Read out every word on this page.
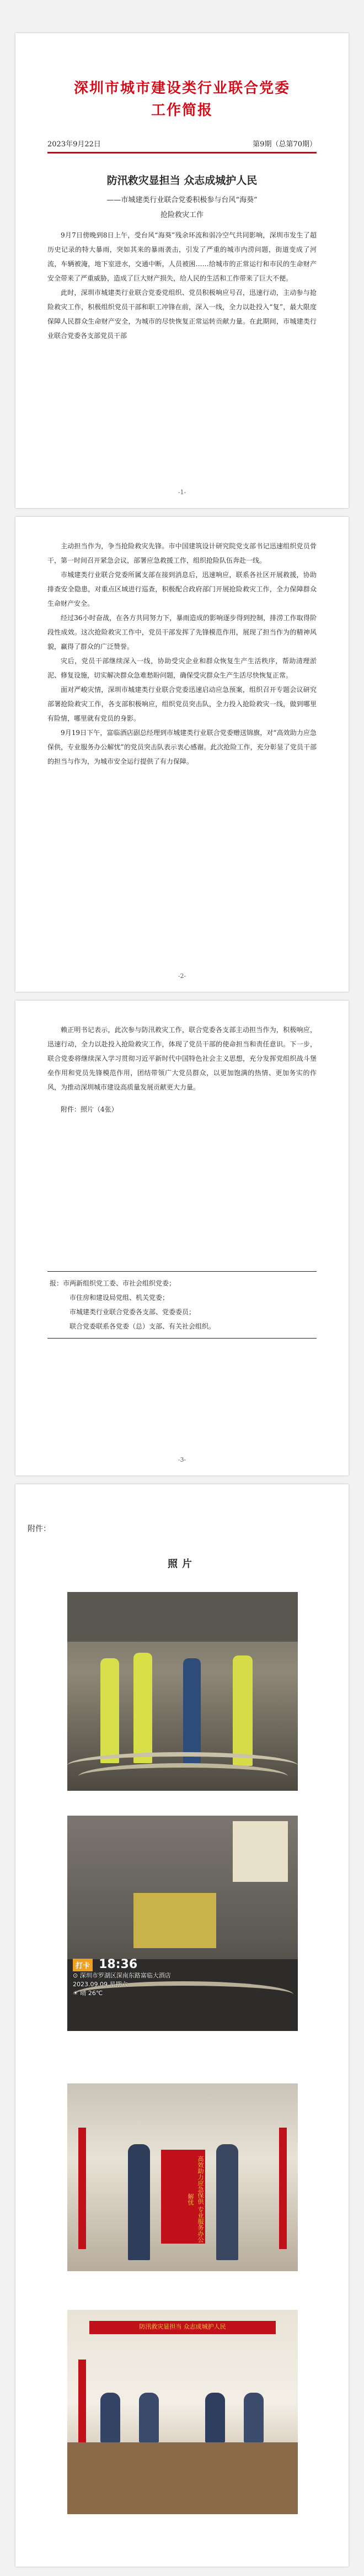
深圳市城市建设类行业联合党委
工作简报
2023年9月22日	第9期（总第70期）
防汛救灾显担当 众志成城护人民
——市城建类行业联合党委积极参与台风“海葵”
抢险救灾工作

9月7日傍晚到8日上午，受台风“海葵”残余环流和弱冷空气共同影响，深圳市发生了超历史记录的特大暴雨，突如其来的暴雨袭击，引发了严重的城市内涝问题，街道变成了河流，车辆被淹，地下室进水，交通中断，人员被困……给城市的正常运行和市民的生命财产安全带来了严重威胁，造成了巨大财产损失，给人民的生活和工作带来了巨大不便。

此时，深圳市城建类行业联合党委党组织、党员积极响应号召，迅速行动，主动参与抢险救灾工作，积极组织党员干部和职工冲锋在前，深入一线，全力以赴投入“复”，最大限度保障人民群众生命财产安全，为城市的尽快恢复正常运转贡献力量。在此期间，市城建类行业联合党委各支部党员干部

-1-

主动担当作为，争当抢险救灾先锋。市中国建筑设计研究院党支部书记迅速组织党员骨干，第一时间召开紧急会议，部署应急救援工作，组织抢险队伍奔赴一线。

市城建类行业联合党委所属支部在接到消息后，迅速响应，联系各社区开展救援，协助排查安全隐患，对重点区域进行巡查，积极配合政府部门开展抢险救灾工作，全力保障群众生命财产安全。

经过36小时奋战，在各方共同努力下，暴雨造成的影响逐步得到控制，排涝工作取得阶段性成效。这次抢险救灾工作中，党员干部发挥了先锋模范作用，展现了担当作为的精神风貌，赢得了群众的广泛赞誉。

灾后，党员干部继续深入一线，协助受灾企业和群众恢复生产生活秩序，帮助清理淤泥、修复设施，切实解决群众急难愁盼问题，确保受灾群众生产生活尽快恢复正常。

面对严峻灾情，深圳市城建类行业联合党委迅速启动应急预案，组织召开专题会议研究部署抢险救灾工作，各支部积极响应，组织党员突击队，全力投入抢险救灾一线，做到哪里有险情，哪里就有党员的身影。

9月19日下午，富临酒店副总经理到市城建类行业联合党委赠送锦旗，对“高效助力应急保供，专业服务办公解忧”的党员突击队表示衷心感谢。此次抢险工作，充分彰显了党员干部的担当与作为，为城市安全运行提供了有力保障。

-2-

赖正明书记表示，此次参与防汛救灾工作，联合党委各支部主动担当作为，积极响应，迅速行动，全力以赴投入抢险救灾工作，体现了党员干部的使命担当和责任意识。下一步，联合党委将继续深入学习贯彻习近平新时代中国特色社会主义思想，充分发挥党组织战斗堡垒作用和党员先锋模范作用，团结带领广大党员群众，以更加饱满的热情、更加务实的作风，为推动深圳城市建设高质量发展贡献更大力量。

附件：照片（4张）

报：市两新组织党工委、市社会组织党委；
市住房和建设局党组、机关党委；
市城建类行业联合党委各支部、党委委员；
联合党委联系各党委（总）支部、有关社会组织。
-3-
附件：
照片
打卡 18:36
⊙ 深圳市罗湖区深南东路富临大酒店
2023.09.09 星期六
☀ 晴 26℃
高效助力应急保供 专业服务办公解忧
防汛救灾显担当 众志成城护人民
